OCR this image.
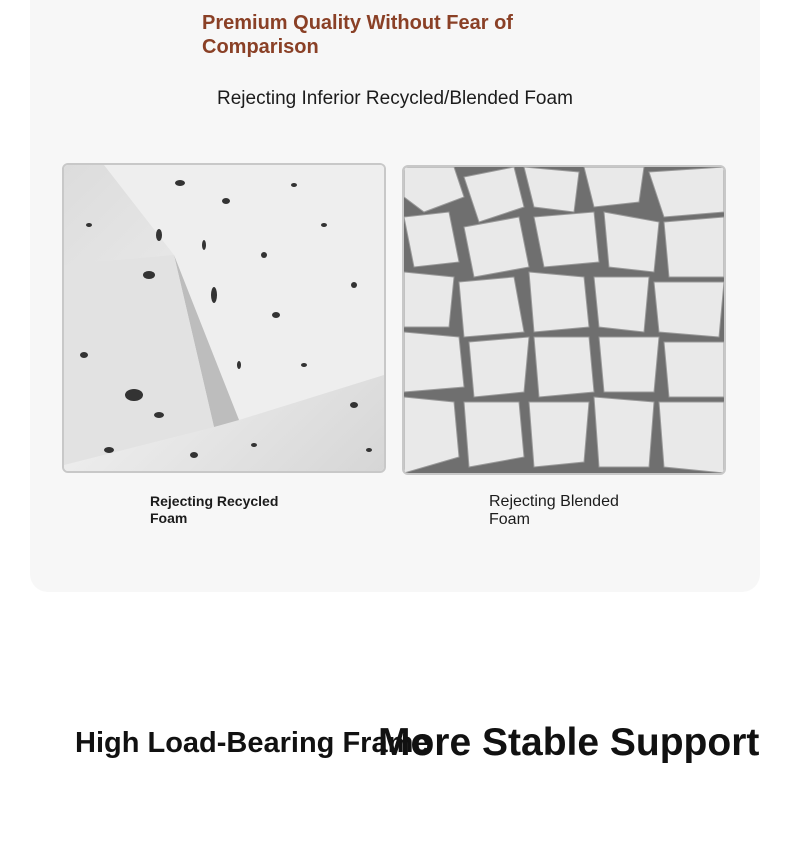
Premium Quality Without Fear of Comparison
Rejecting Inferior Recycled/Blended Foam
Rejecting Recycled Foam
Rejecting Blended Foam
High Load-Bearing Frame
More Stable Support
